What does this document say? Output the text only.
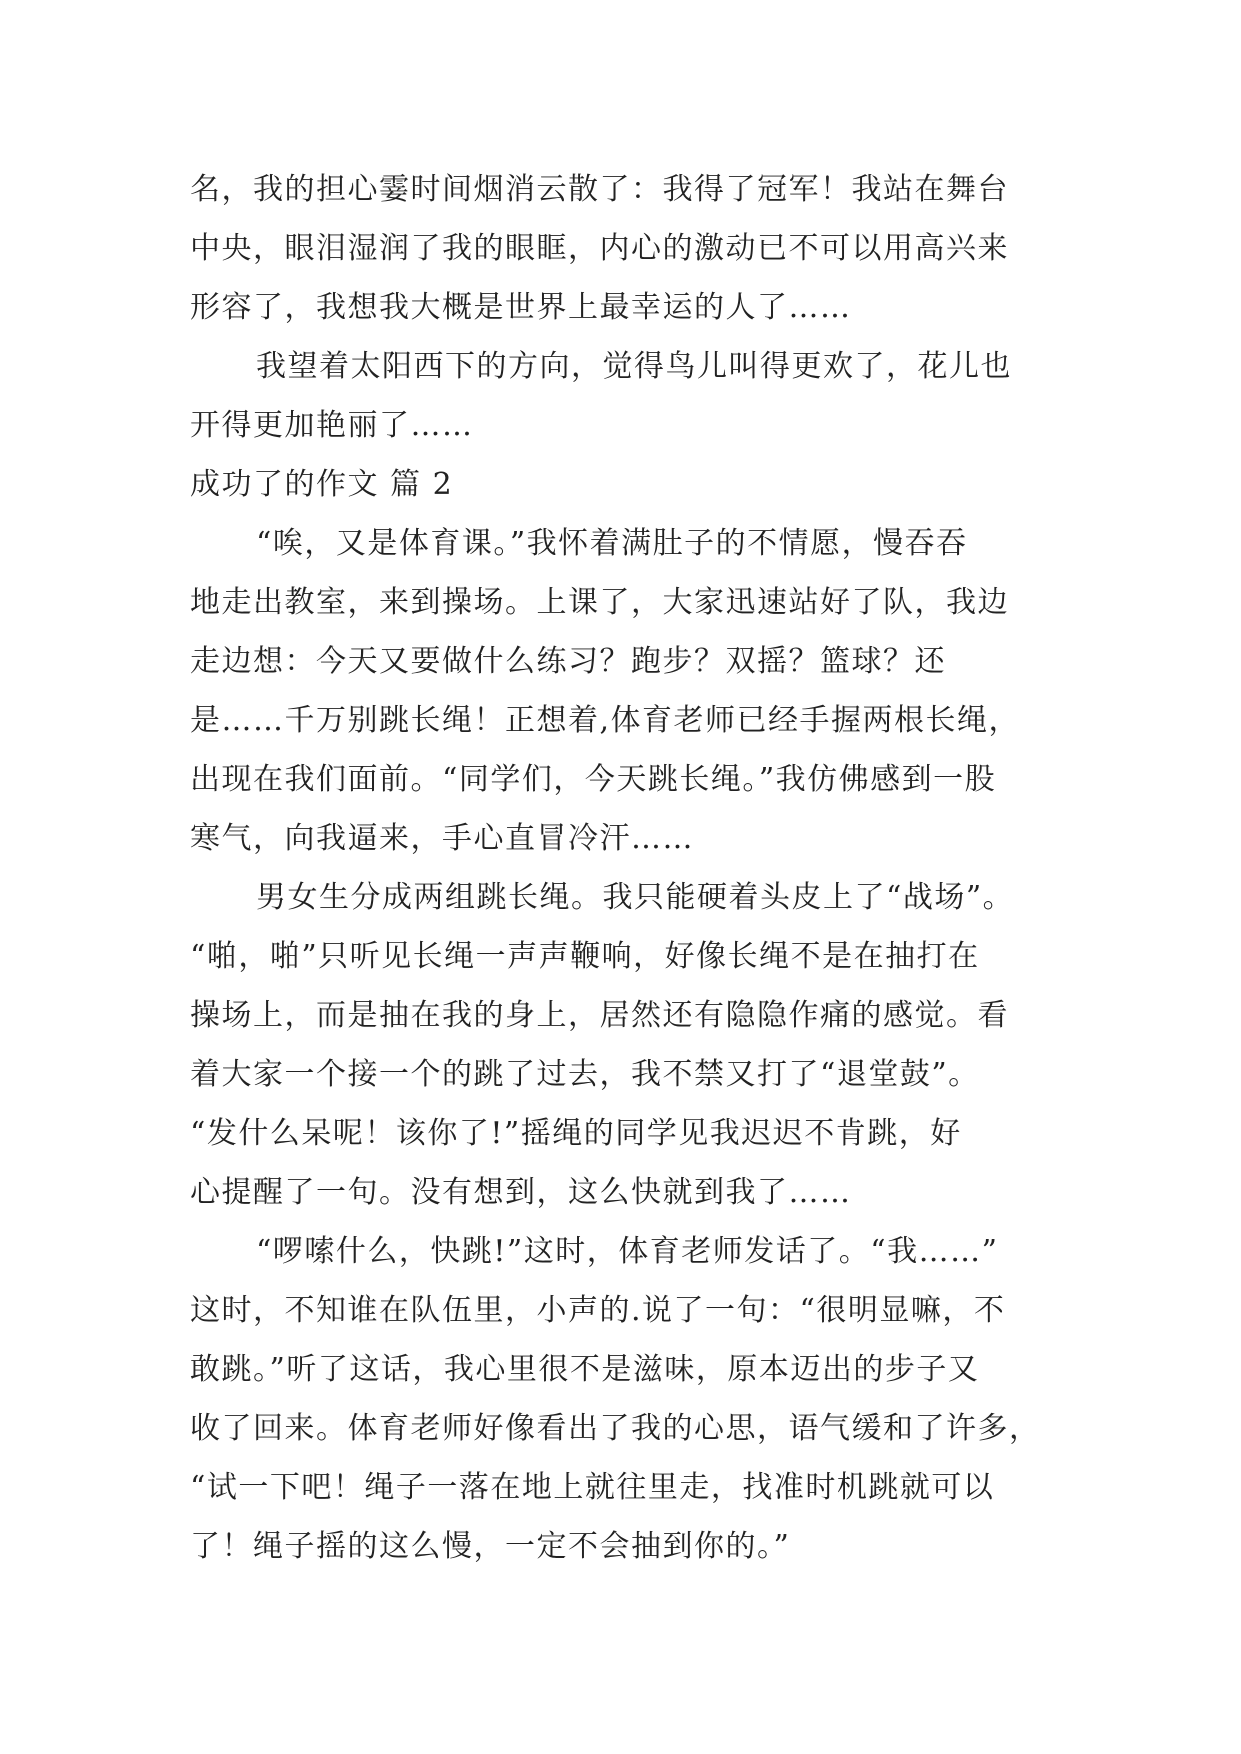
名，我的担心霎时间烟消云散了：我得了冠军！我站在舞台
中央，眼泪湿润了我的眼眶，内心的激动已不可以用高兴来
形容了，我想我大概是世界上最幸运的人了……
我望着太阳西下的方向，觉得鸟儿叫得更欢了，花儿也
开得更加艳丽了……
成功了的作文 篇 2
“唉，又是体育课。”我怀着满肚子的不情愿，慢吞吞
地走出教室，来到操场。上课了，大家迅速站好了队，我边
走边想：今天又要做什么练习？跑步？双摇？篮球？还
是……千万别跳长绳！正想着,体育老师已经手握两根长绳，
出现在我们面前。“同学们，今天跳长绳。”我仿佛感到一股
寒气，向我逼来，手心直冒冷汗……
男女生分成两组跳长绳。我只能硬着头皮上了“战场”。
“啪，啪”只听见长绳一声声鞭响，好像长绳不是在抽打在
操场上，而是抽在我的身上，居然还有隐隐作痛的感觉。看
着大家一个接一个的跳了过去，我不禁又打了“退堂鼓”。
“发什么呆呢！该你了!”摇绳的同学见我迟迟不肯跳，好
心提醒了一句。没有想到，这么快就到我了……
“啰嗦什么，快跳!”这时，体育老师发话了。“我……”
这时，不知谁在队伍里，小声的.说了一句：“很明显嘛，不
敢跳。”听了这话，我心里很不是滋味，原本迈出的步子又
收了回来。体育老师好像看出了我的心思，语气缓和了许多，
“试一下吧！绳子一落在地上就往里走，找准时机跳就可以
了！绳子摇的这么慢，一定不会抽到你的。”
